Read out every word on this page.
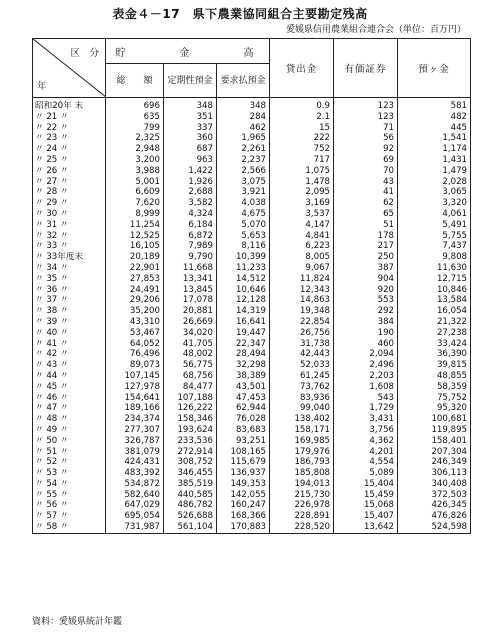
表金４－17　県下農業協同組合主要勘定残高
愛媛県信用農業組合連合会（単位：百万円）
区　分
年	貯　　　金　　　高			貸出金	有価証券	預ヶ金
	総　　額	定期性預金	要求払預金			
昭和20年 末	696	348	348	0.9	123	581
〃 21 〃	635	351	284	2.1	123	482
〃 22 〃	799	337	462	15	71	445
〃 23 〃	2,325	360	1,965	222	56	1,541
〃 24 〃	2,948	687	2,261	752	92	1,174
〃 25 〃	3,200	963	2,237	717	69	1,431
〃 26 〃	3,988	1,422	2,566	1,075	70	1,479
〃 27 〃	5,001	1,926	3,075	1,478	43	2,028
〃 28 〃	6,609	2,688	3,921	2,095	41	3,065
〃 29 〃	7,620	3,582	4,038	3,169	62	3,320
〃 30 〃	8,999	4,324	4,675	3,537	65	4,061
〃 31 〃	11,254	6,184	5,070	4,147	51	5,491
〃 32 〃	12,525	6,872	5,653	4,841	178	5,755
〃 33 〃	16,105	7,989	8,116	6,223	217	7,437
〃 33年度末	20,189	9,790	10,399	8,005	250	9,808
〃 34 〃	22,901	11,668	11,233	9,067	387	11,630
〃 35 〃	27,853	13,341	14,512	11,824	904	12,715
〃 36 〃	24,491	13,845	10,646	12,343	920	10,846
〃 37 〃	29,206	17,078	12,128	14,863	553	13,584
〃 38 〃	35,200	20,881	14,319	19,348	292	16,054
〃 39 〃	43,310	26,669	16,641	22,854	384	21,322
〃 40 〃	53,467	34,020	19,447	26,756	190	27,238
〃 41 〃	64,052	41,705	22,347	31,738	460	33,424
〃 42 〃	76,496	48,002	28,494	42,443	2,094	36,390
〃 43 〃	89,073	56,775	32,298	52,033	2,496	39,815
〃 44 〃	107,145	68,756	38,389	61,245	2,203	48,855
〃 45 〃	127,978	84,477	43,501	73,762	1,608	58,359
〃 46 〃	154,641	107,188	47,453	83,936	543	75,752
〃 47 〃	189,166	126,222	62,944	99,040	1,729	95,320
〃 48 〃	234,374	158,346	76,028	138,402	3,431	100,681
〃 49 〃	277,307	193,624	83,683	158,171	3,756	119,895
〃 50 〃	326,787	233,536	93,251	169,985	4,362	158,401
〃 51 〃	381,079	272,914	108,165	179,976	4,201	207,304
〃 52 〃	424,431	308,752	115,679	186,793	4,554	246,349
〃 53 〃	483,392	346,455	136,937	185,808	5,089	306,113
〃 54 〃	534,872	385,519	149,353	194,013	15,404	340,408
〃 55 〃	582,640	440,585	142,055	215,730	15,459	372,503
〃 56 〃	647,029	486,782	160,247	226,978	15,068	426,345
〃 57 〃	695,054	526,688	168,366	228,891	15,407	476,826
〃 58 〃	731,987	561,104	170,883	228,520	13,642	524,598
資料：愛媛県統計年鑑
